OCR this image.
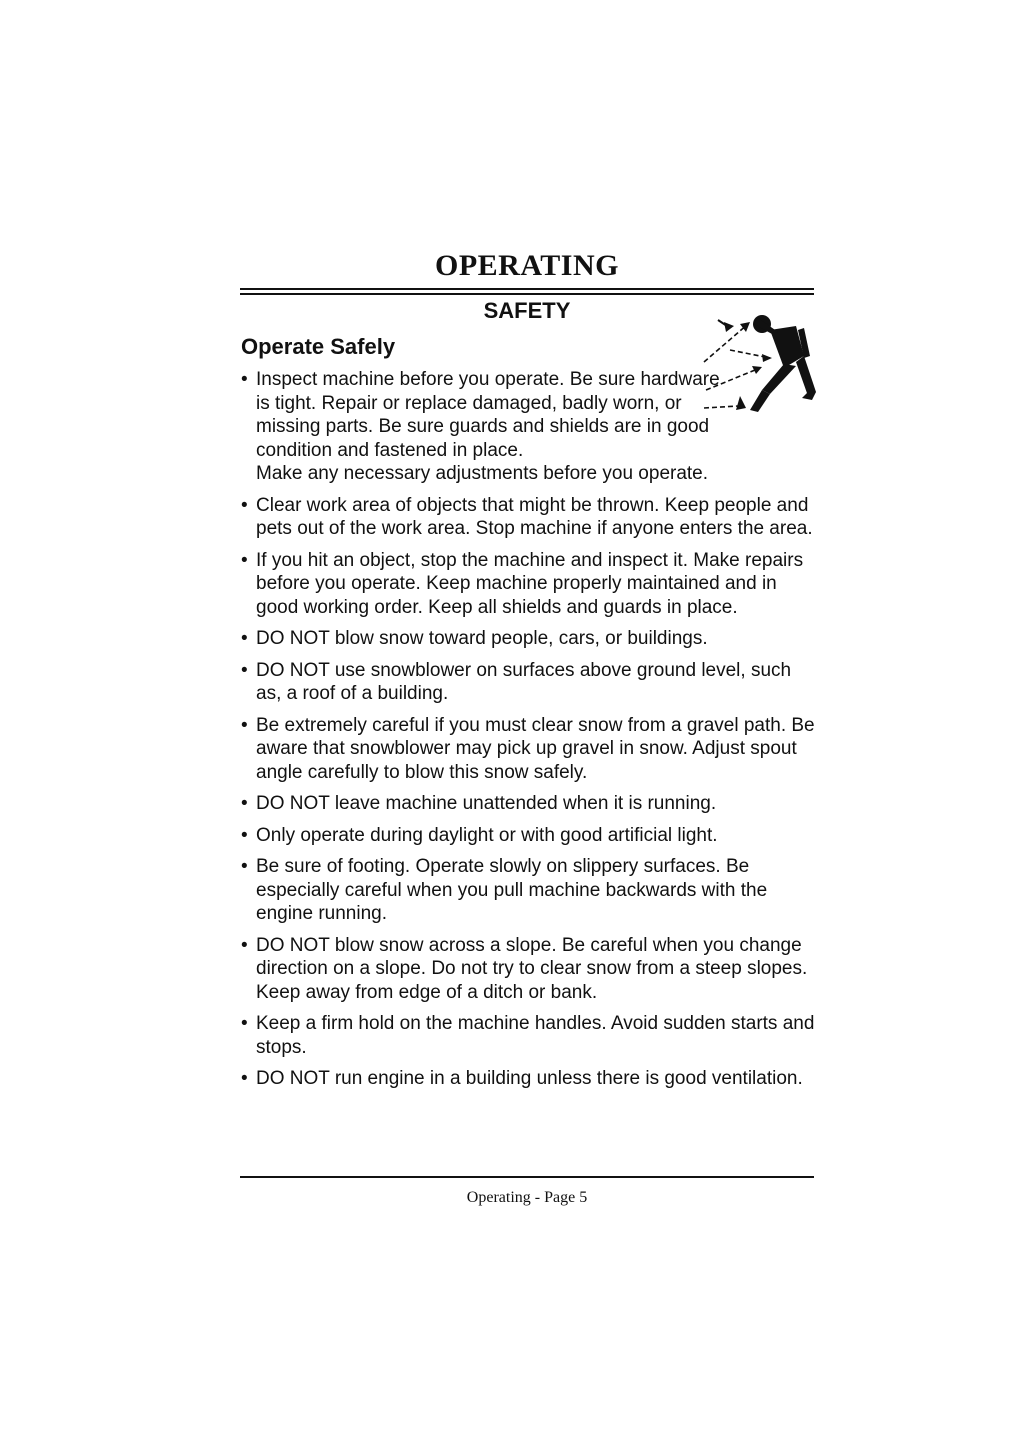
OPERATING
SAFETY
Operate Safely
• Inspect machine before you operate. Be sure hardware is tight. Repair or replace damaged, badly worn, or missing parts. Be sure guards and shields are in good condition and fastened in place.
Make any necessary adjustments before you operate.
• Clear work area of objects that might be thrown. Keep people and pets out of the work area. Stop machine if anyone enters the area.
• If you hit an object, stop the machine and inspect it. Make repairs before you operate. Keep machine properly maintained and in good working order. Keep all shields and guards in place.
• DO NOT blow snow toward people, cars, or buildings.
• DO NOT use snowblower on surfaces above ground level, such as, a roof of a building.
• Be extremely careful if you must clear snow from a gravel path. Be aware that snowblower may pick up gravel in snow. Adjust spout angle carefully to blow this snow safely.
• DO NOT leave machine unattended when it is running.
• Only operate during daylight or with good artificial light.
• Be sure of footing. Operate slowly on slippery surfaces. Be especially careful when you pull machine backwards with the engine running.
• DO NOT blow snow across a slope. Be careful when you change direction on a slope. Do not try to clear snow from a steep slopes. Keep away from edge of a ditch or bank.
• Keep a firm hold on the machine handles. Avoid sudden starts and stops.
• DO NOT run engine in a building unless there is good ventilation.
Operating - Page 5
